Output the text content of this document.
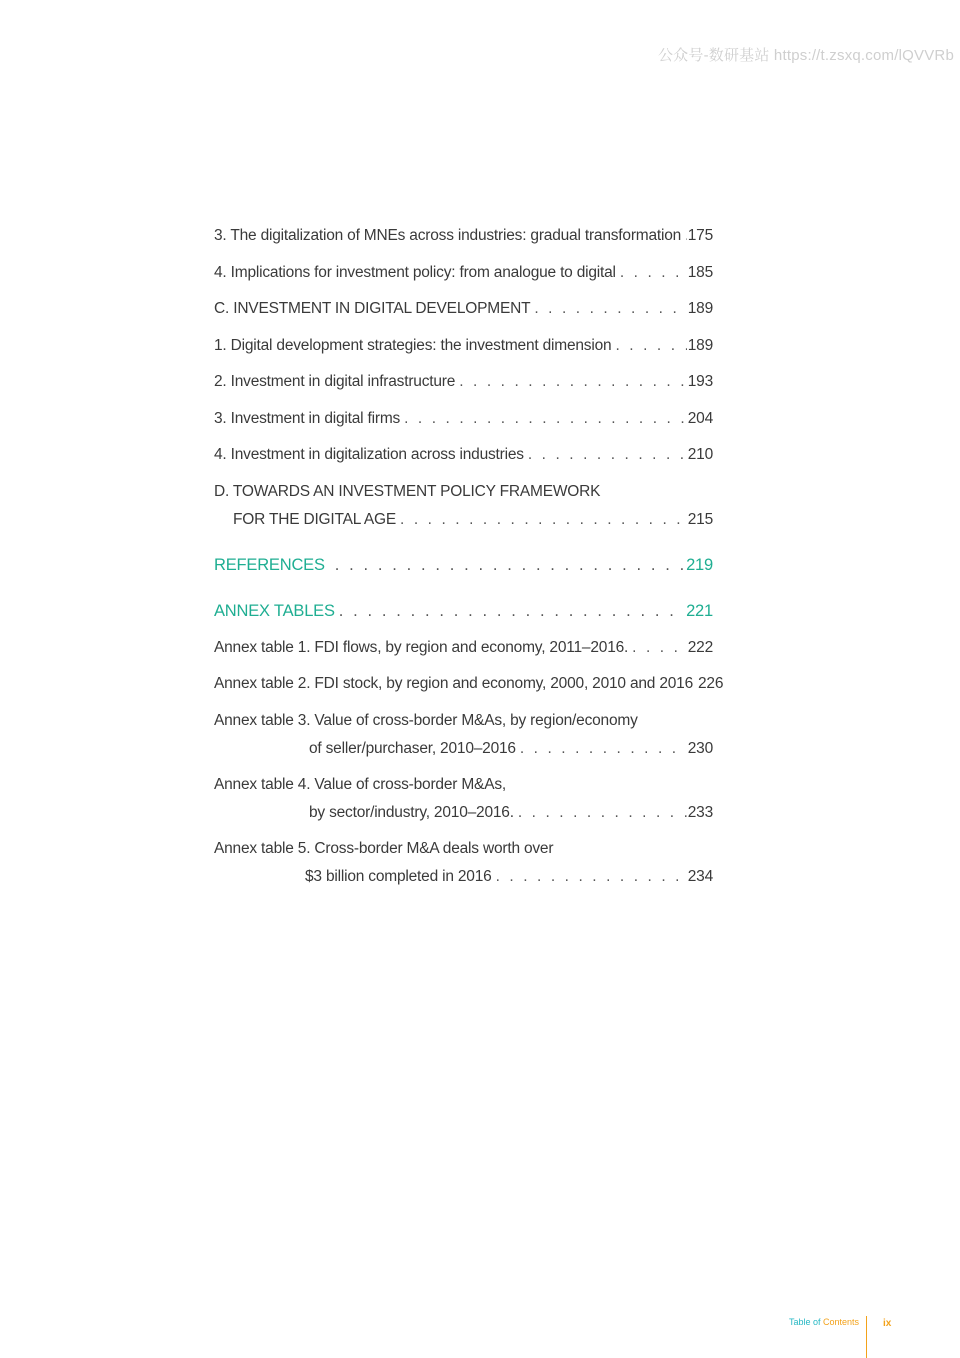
公众号-数研基站 https://t.zsxq.com/lQVVRb
3. The digitalization of MNEs across industries: gradual transformation . . . 175
4. Implications for investment policy: from analogue to digital . . .	185
C. INVESTMENT IN DIGITAL DEVELOPMENT . . .	189
1. Digital development strategies: the investment dimension . . .	189
2. Investment in digital infrastructure . . .	193
3. Investment in digital firms . . .	204
4. Investment in digitalization across industries . . .	210
D. TOWARDS AN INVESTMENT POLICY FRAMEWORK
FOR THE DIGITAL AGE . . .	215
REFERENCES . . .	219
ANNEX TABLES . . .	221
Annex table 1. FDI flows, by region and economy, 2011–2016. . . .	222
Annex table 2. FDI stock, by region and economy, 2000, 2010 and 2016 226
Annex table 3. Value of cross-border M&As, by region/economy
of seller/purchaser, 2010–2016 . . .	230
Annex table 4. Value of cross-border M&As,
by sector/industry, 2010–2016. . . .	233
Annex table 5. Cross-border M&A deals worth over
$3 billion completed in 2016 . . .	234
Table of Contents ix
